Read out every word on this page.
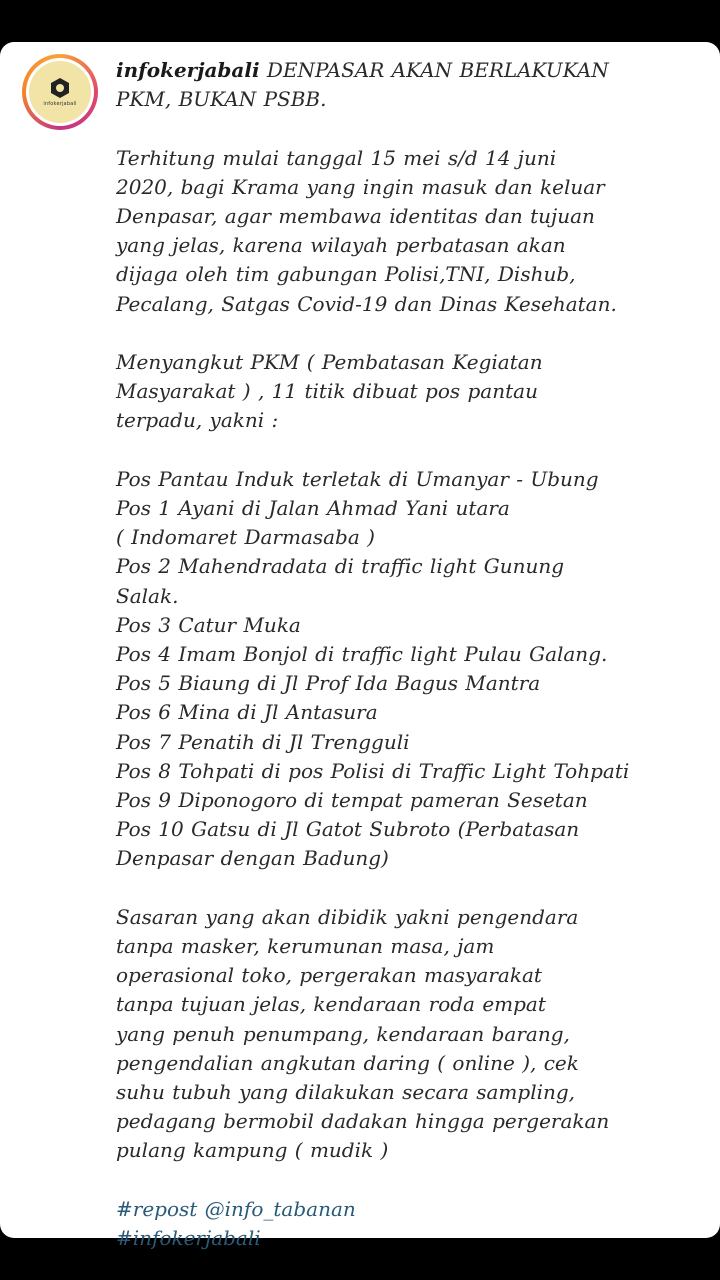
infokerjabali
infokerjabali DENPASAR AKAN BERLAKUKAN
PKM, BUKAN PSBB.
Terhitung mulai tanggal 15 mei s/d 14 juni
2020, bagi Krama yang ingin masuk dan keluar
Denpasar, agar membawa identitas dan tujuan
yang jelas, karena wilayah perbatasan akan
dijaga oleh tim gabungan Polisi,TNI, Dishub,
Pecalang, Satgas Covid-19 dan Dinas Kesehatan.
Menyangkut PKM ( Pembatasan Kegiatan
Masyarakat ) , 11 titik dibuat pos pantau
terpadu, yakni :
Pos Pantau Induk terletak di Umanyar - Ubung
Pos 1 Ayani di Jalan Ahmad Yani utara
( Indomaret Darmasaba )
Pos 2 Mahendradata di traffic light Gunung
Salak.
Pos 3 Catur Muka
Pos 4 Imam Bonjol di traffic light Pulau Galang.
Pos 5 Biaung di Jl Prof Ida Bagus Mantra
Pos 6 Mina di Jl Antasura
Pos 7 Penatih di Jl Trengguli
Pos 8 Tohpati di pos Polisi di Traffic Light Tohpati
Pos 9 Diponogoro di tempat pameran Sesetan
Pos 10 Gatsu di Jl Gatot Subroto (Perbatasan
Denpasar dengan Badung)
Sasaran yang akan dibidik yakni pengendara
tanpa masker, kerumunan masa, jam
operasional toko, pergerakan masyarakat
tanpa tujuan jelas, kendaraan roda empat
yang penuh penumpang, kendaraan barang,
pengendalian angkutan daring ( online ), cek
suhu tubuh yang dilakukan secara sampling,
pedagang bermobil dadakan hingga pergerakan
pulang kampung ( mudik )
#repost @info_tabanan
#infokerjabali
